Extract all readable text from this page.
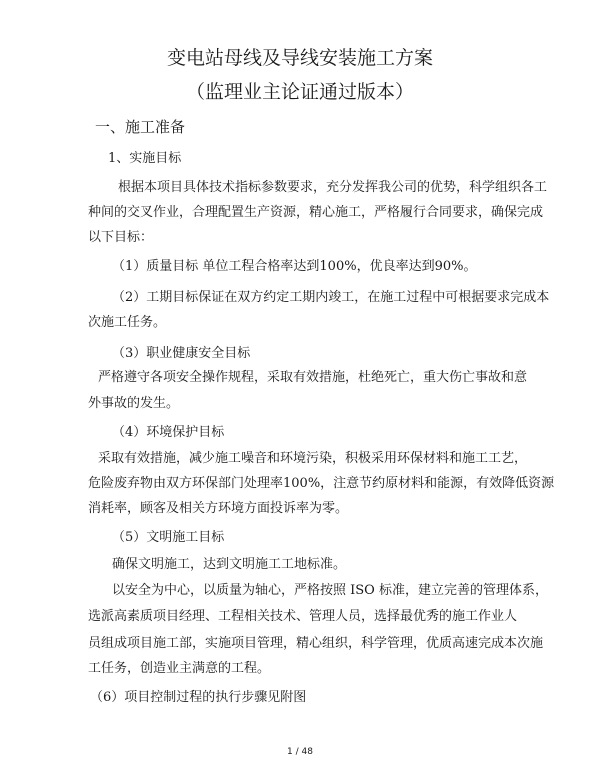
变电站母线及导线安装施工方案
（监理业主论证通过版本）
一、施工准备
1、实施目标
根据本项目具体技术指标参数要求，充分发挥我公司的优势，科学组织各工
种间的交叉作业，合理配置生产资源，精心施工，严格履行合同要求，确保完成
以下目标：
（1）质量目标 单位工程合格率达到100%，优良率达到90%。
（2）工期目标保证在双方约定工期内竣工，在施工过程中可根据要求完成本
次施工任务。
（3）职业健康安全目标
严格遵守各项安全操作规程，采取有效措施，杜绝死亡，重大伤亡事故和意
外事故的发生。
（4）环境保护目标
采取有效措施，减少施工噪音和环境污染，积极采用环保材料和施工工艺，
危险废弃物由双方环保部门处理率100%，注意节约原材料和能源，有效降低资源
消耗率，顾客及相关方环境方面投诉率为零。
（5）文明施工目标
确保文明施工，达到文明施工工地标准。
以安全为中心，以质量为轴心，严格按照 ISO 标准，建立完善的管理体系，
选派高素质项目经理、工程相关技术、管理人员，选择最优秀的施工作业人
员组成项目施工部，实施项目管理，精心组织，科学管理，优质高速完成本次施
工任务，创造业主满意的工程。
（6）项目控制过程的执行步骤见附图
1 / 48
